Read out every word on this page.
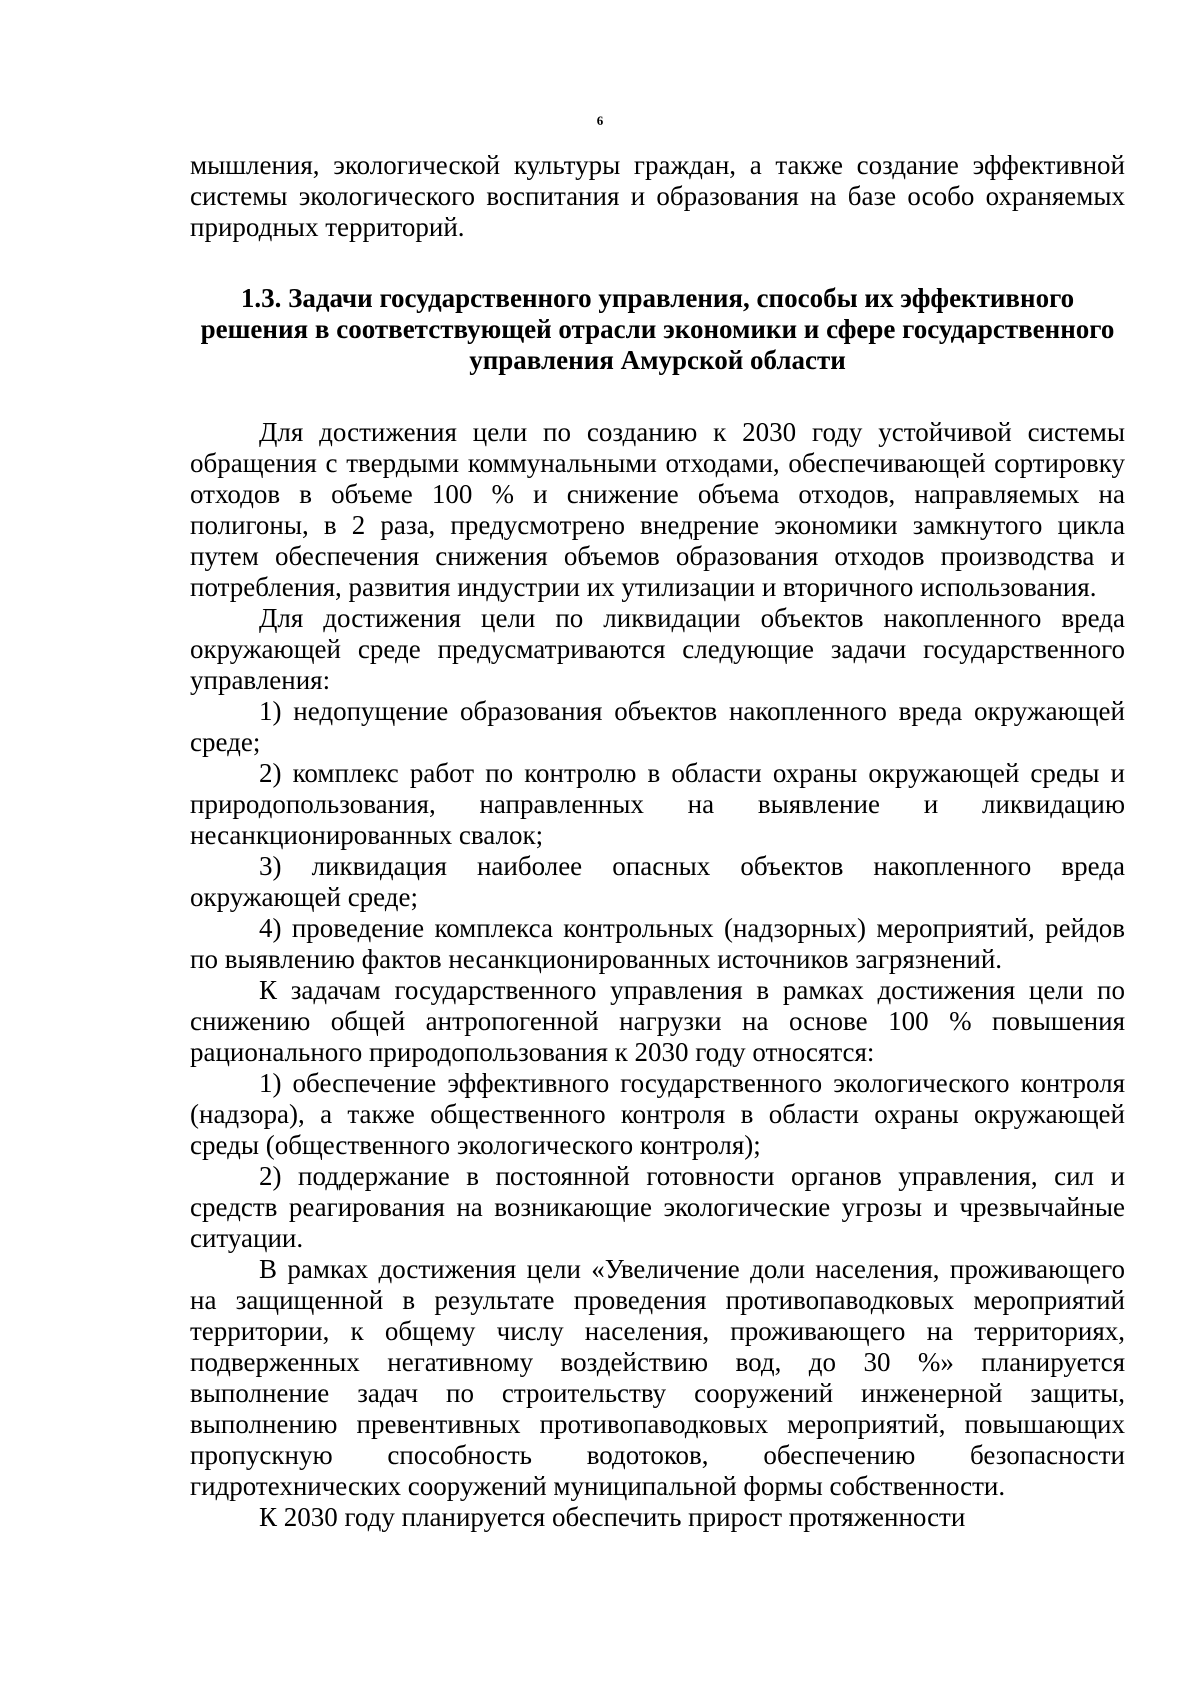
6

мышления, экологической культуры граждан, а также создание эффективной системы экологического воспитания и образования на базе особо охраняемых природных территорий.

1.3. Задачи государственного управления, способы их эффективного решения в соответствующей отрасли экономики и сфере государственного управления Амурской области

Для достижения цели по созданию к 2030 году устойчивой системы обращения с твердыми коммунальными отходами, обеспечивающей сортировку отходов в объеме 100 % и снижение объема отходов, направляемых на полигоны, в 2 раза, предусмотрено внедрение экономики замкнутого цикла путем обеспечения снижения объемов образования отходов производства и потребления, развития индустрии их утилизации и вторичного использования.

Для достижения цели по ликвидации объектов накопленного вреда окружающей среде предусматриваются следующие задачи государственного управления:

1) недопущение образования объектов накопленного вреда окружающей среде;

2) комплекс работ по контролю в области охраны окружающей среды и природопользования, направленных на выявление и ликвидацию несанкционированных свалок;

3) ликвидация наиболее опасных объектов накопленного вреда окружающей среде;

4) проведение комплекса контрольных (надзорных) мероприятий, рейдов по выявлению фактов несанкционированных источников загрязнений.

К задачам государственного управления в рамках достижения цели по снижению общей антропогенной нагрузки на основе 100 % повышения рационального природопользования к 2030 году относятся:

1) обеспечение эффективного государственного экологического контроля (надзора), а также общественного контроля в области охраны окружающей среды (общественного экологического контроля);

2) поддержание в постоянной готовности органов управления, сил и средств реагирования на возникающие экологические угрозы и чрезвычайные ситуации.

В рамках достижения цели «Увеличение доли населения, проживающего на защищенной в результате проведения противопаводковых мероприятий территории, к общему числу населения, проживающего на территориях, подверженных негативному воздействию вод, до 30 %» планируется выполнение задач по строительству сооружений инженерной защиты, выполнению превентивных противопаводковых мероприятий, повышающих пропускную способность водотоков, обеспечению безопасности гидротехнических сооружений муниципальной формы собственности.

К 2030 году планируется обеспечить прирост протяженности
